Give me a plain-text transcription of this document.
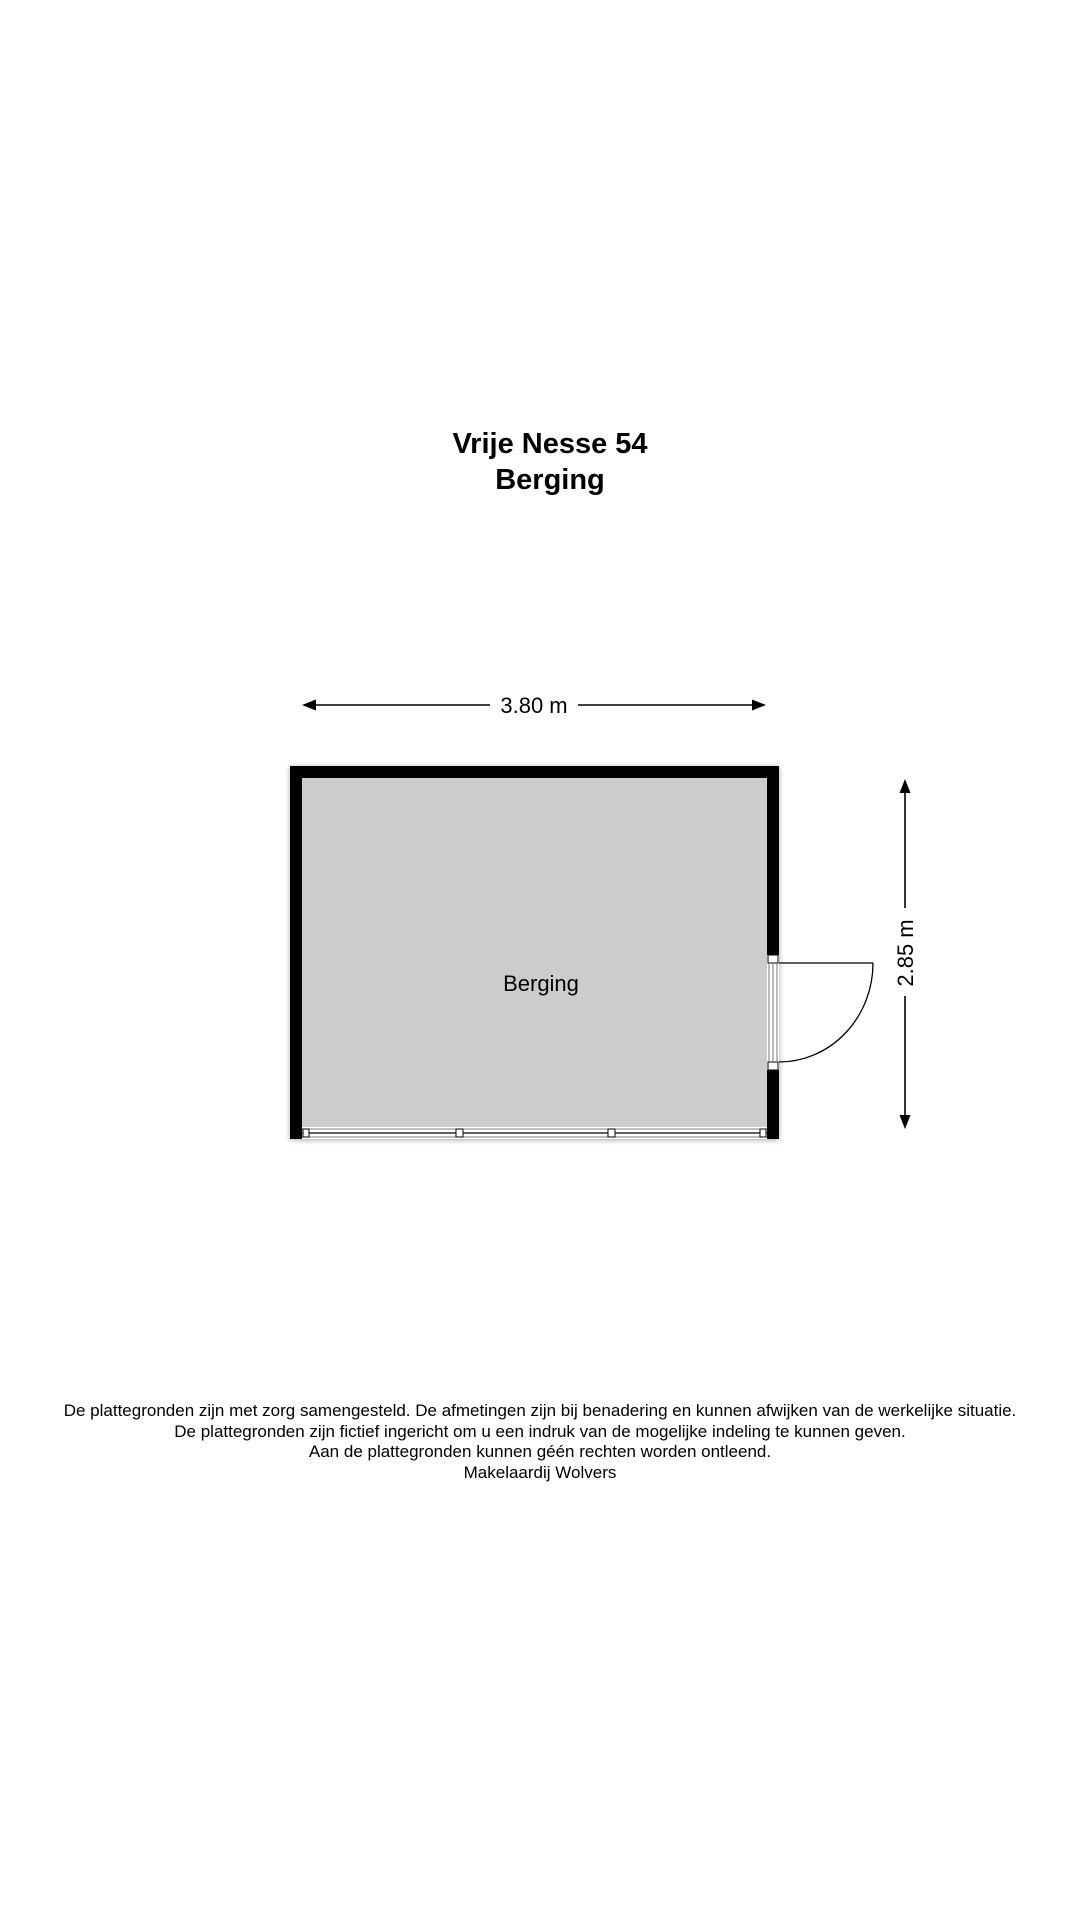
Vrije Nesse 54
Berging
3.80 m
2.85 m
Berging
De plattegronden zijn met zorg samengesteld. De afmetingen zijn bij benadering en kunnen afwijken van de werkelijke situatie.
De plattegronden zijn fictief ingericht om u een indruk van de mogelijke indeling te kunnen geven.
Aan de plattegronden kunnen géén rechten worden ontleend.
Makelaardij Wolvers
